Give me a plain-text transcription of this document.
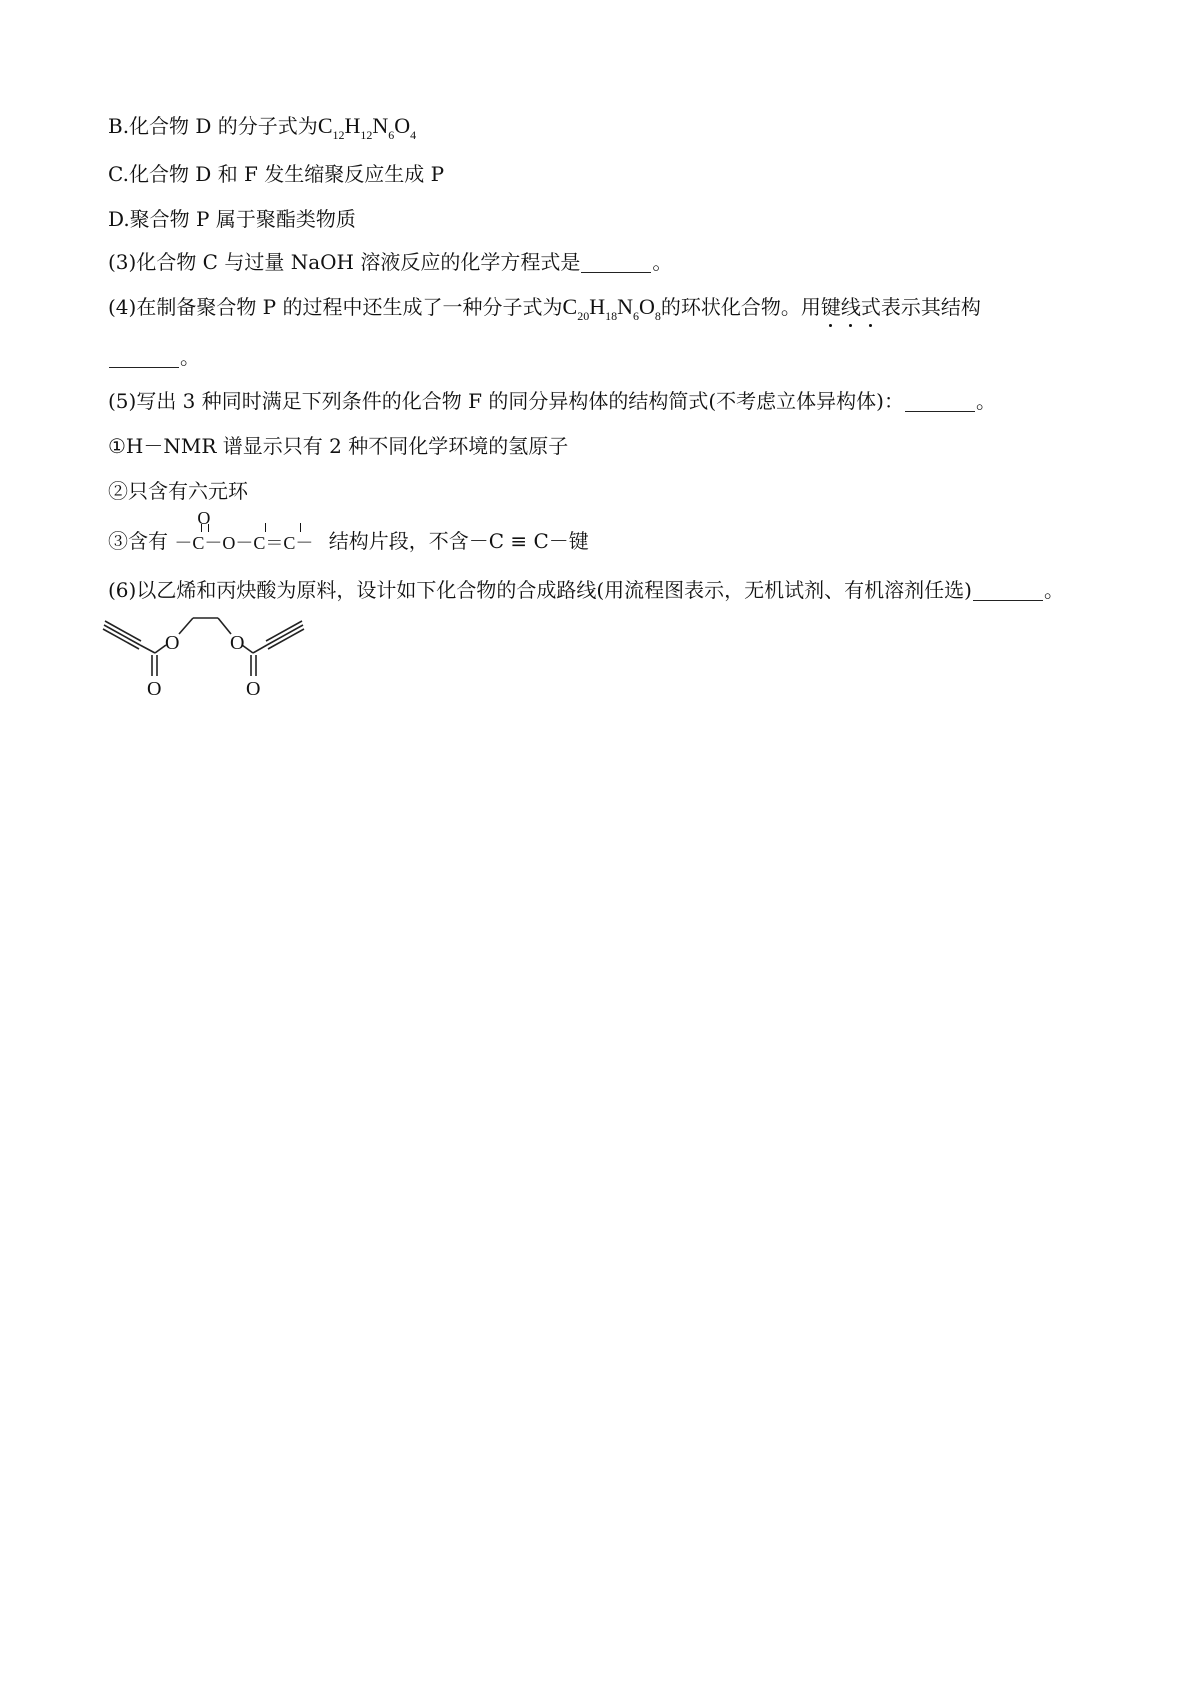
B.化合物 D 的分子式为$C_{12}H_{12}N_6O_4$
C.化合物 D 和 F 发生缩聚反应生成 P
D.聚合物 P 属于聚酯类物质
(3)化合物 C 与过量 NaOH 溶液反应的化学方程式是	。
(4)在制备聚合物 P 的过程中还生成了一种分子式为$C_{20}H_{18}N_6O_8$的环状化合物。用键
线
式
表示其结构
。
(5)写出 3 种同时满足下列条件的化合物 F 的同分异构体的结构简式(不考虑立体异构体)：	。
①H－NMR 谱显示只有 2 种不同化学环境的氢原子
②只含有六元环
③含有
O
－C－O－C＝C－ 结构片段，不含－C ≡ C－键
(6)以乙烯和丙炔酸为原料，设计如下化合物的合成路线(用流程图表示，无机试剂、有机溶剂任选)	。
O	O
O	O
